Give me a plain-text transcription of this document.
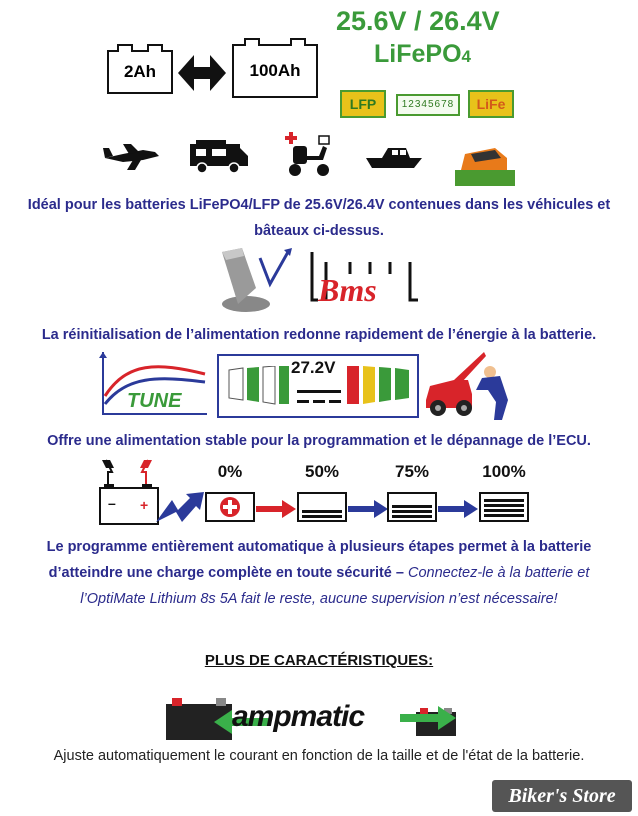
2Ah	100Ah
25.6V / 26.4V
LiFePO4
LFP	12345678	LiFe
Idéal pour les batteries LiFePO4/LFP de 25.6V/26.4V contenues dans les véhicules et
bâteaux ci-dessus.
Bms
La réinitialisation de l’alimentation redonne rapidement de l’énergie à la batterie.
TUNE
27.2V
Offre une alimentation stable pour la programmation et le dépannage de l’ECU.
– +
0%	50%	75%	100%
Le programme entièrement automatique à plusieurs étapes permet à la batterie
d’atteindre une charge complète en toute sécurité – Connectez-le à la batterie et
l’OptiMate Lithium 8s 5A fait le reste, aucune supervision n’est nécessaire!
PLUS DE CARACTÉRISTIQUES:
ampmatic
Ajuste automatiquement le courant en fonction de la taille et de l'état de la batterie.
Biker's Store
